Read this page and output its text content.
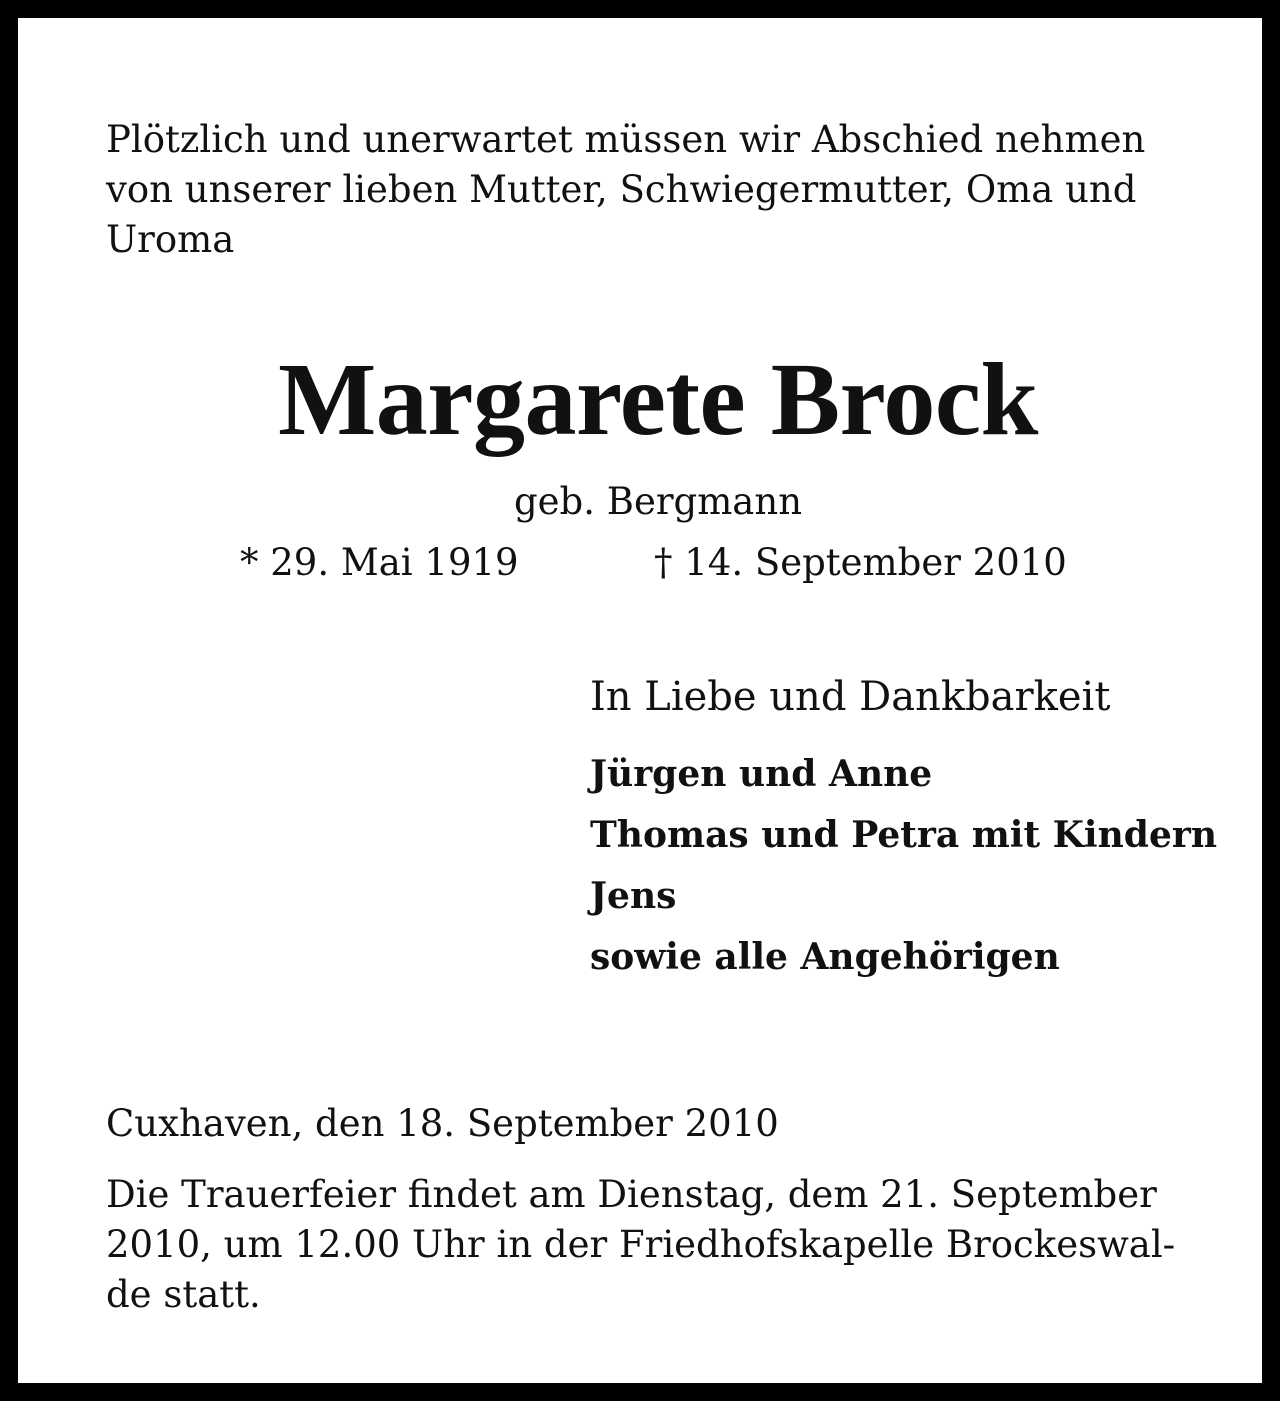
Plötzlich und unerwartet müssen wir Abschied nehmen
von unserer lieben Mutter, Schwiegermutter, Oma und
Uroma

Margarete Brock
geb. Bergmann
* 29. Mai 1919	† 14. September 2010
In Liebe und Dankbarkeit
Jürgen und Anne
Thomas und Petra mit Kindern
Jens
sowie alle Angehörigen
Cuxhaven, den 18. September 2010

Die Trauerfeier findet am Dienstag, dem 21. September
2010, um 12.00 Uhr in der Friedhofskapelle Brockeswal-
de statt.
